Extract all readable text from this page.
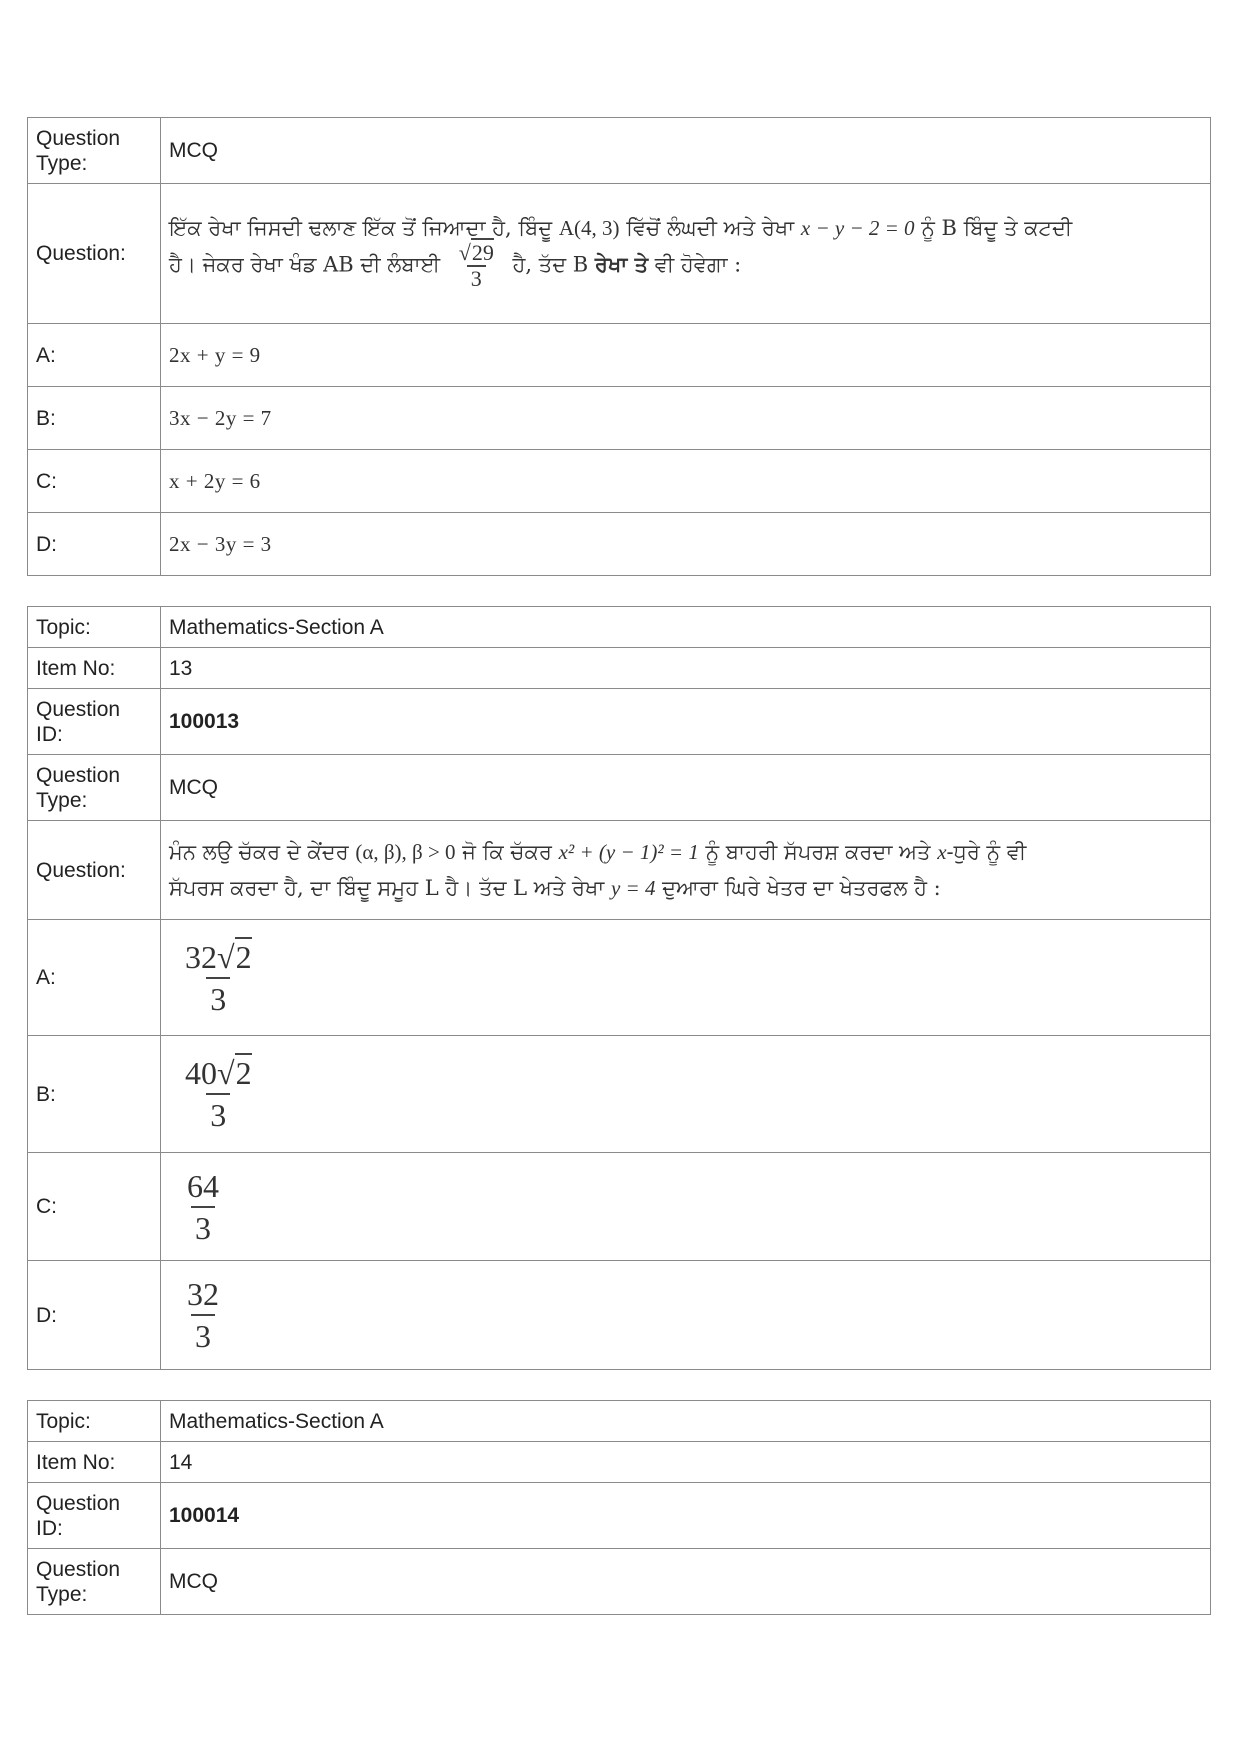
Question Type:	MCQ
Question:	ਇੱਕ ਰੇਖਾ ਜਿਸਦੀ ਢਲਾਣ ਇੱਕ ਤੋਂ ਜਿਆਦਾ ਹੈ, ਬਿੰਦੂ A(4, 3) ਵਿੱਚੋਂ ਲੰਘਦੀ ਅਤੇ ਰੇਖਾ x − y − 2 = 0 ਨੂੰ B ਬਿੰਦੂ ਤੇ ਕਟਦੀ
ਹੈ। ਜੇਕਰ ਰੇਖਾ ਖੰਡ AB ਦੀ ਲੰਬਾਈ $\frac{√29}{3}$ ਹੈ, ਤੱਦ B ਰੇਖਾ ਤੇ ਵੀ ਹੋਵੇਗਾ :

A:	2x + y = 9
B:	3x − 2y = 7
C:	x + 2y = 6
D:	2x − 3y = 3
Topic:	Mathematics-Section A
Item No:	13
Question ID:	100013
Question Type:	MCQ
Question:	ਮੰਨ ਲਉ ਚੱਕਰ ਦੇ ਕੇਂਦਰ (α, β), β > 0 ਜੋ ਕਿ ਚੱਕਰ x² + (y − 1)² = 1 ਨੂੰ ਬਾਹਰੀ ਸੱਪਰਸ਼ ਕਰਦਾ ਅਤੇ x-ਧੁਰੇ ਨੂੰ ਵੀ
ਸੱਪਰਸ ਕਰਦਾ ਹੈ, ਦਾ ਬਿੰਦੂ ਸਮੂਹ L ਹੈ। ਤੱਦ L ਅਤੇ ਰੇਖਾ y = 4 ਦੁਆਰਾ ਘਿਰੇ ਖੇਤਰ ਦਾ ਖੇਤਰਫਲ ਹੈ :

A:	$\frac{32√2}{3}$

B:	$\frac{40√2}{3}$

C:	$\frac{64}{3}$

D:	$\frac{32}{3}$
Topic:	Mathematics-Section A
Item No:	14
Question ID:	100014
Question Type:	MCQ
